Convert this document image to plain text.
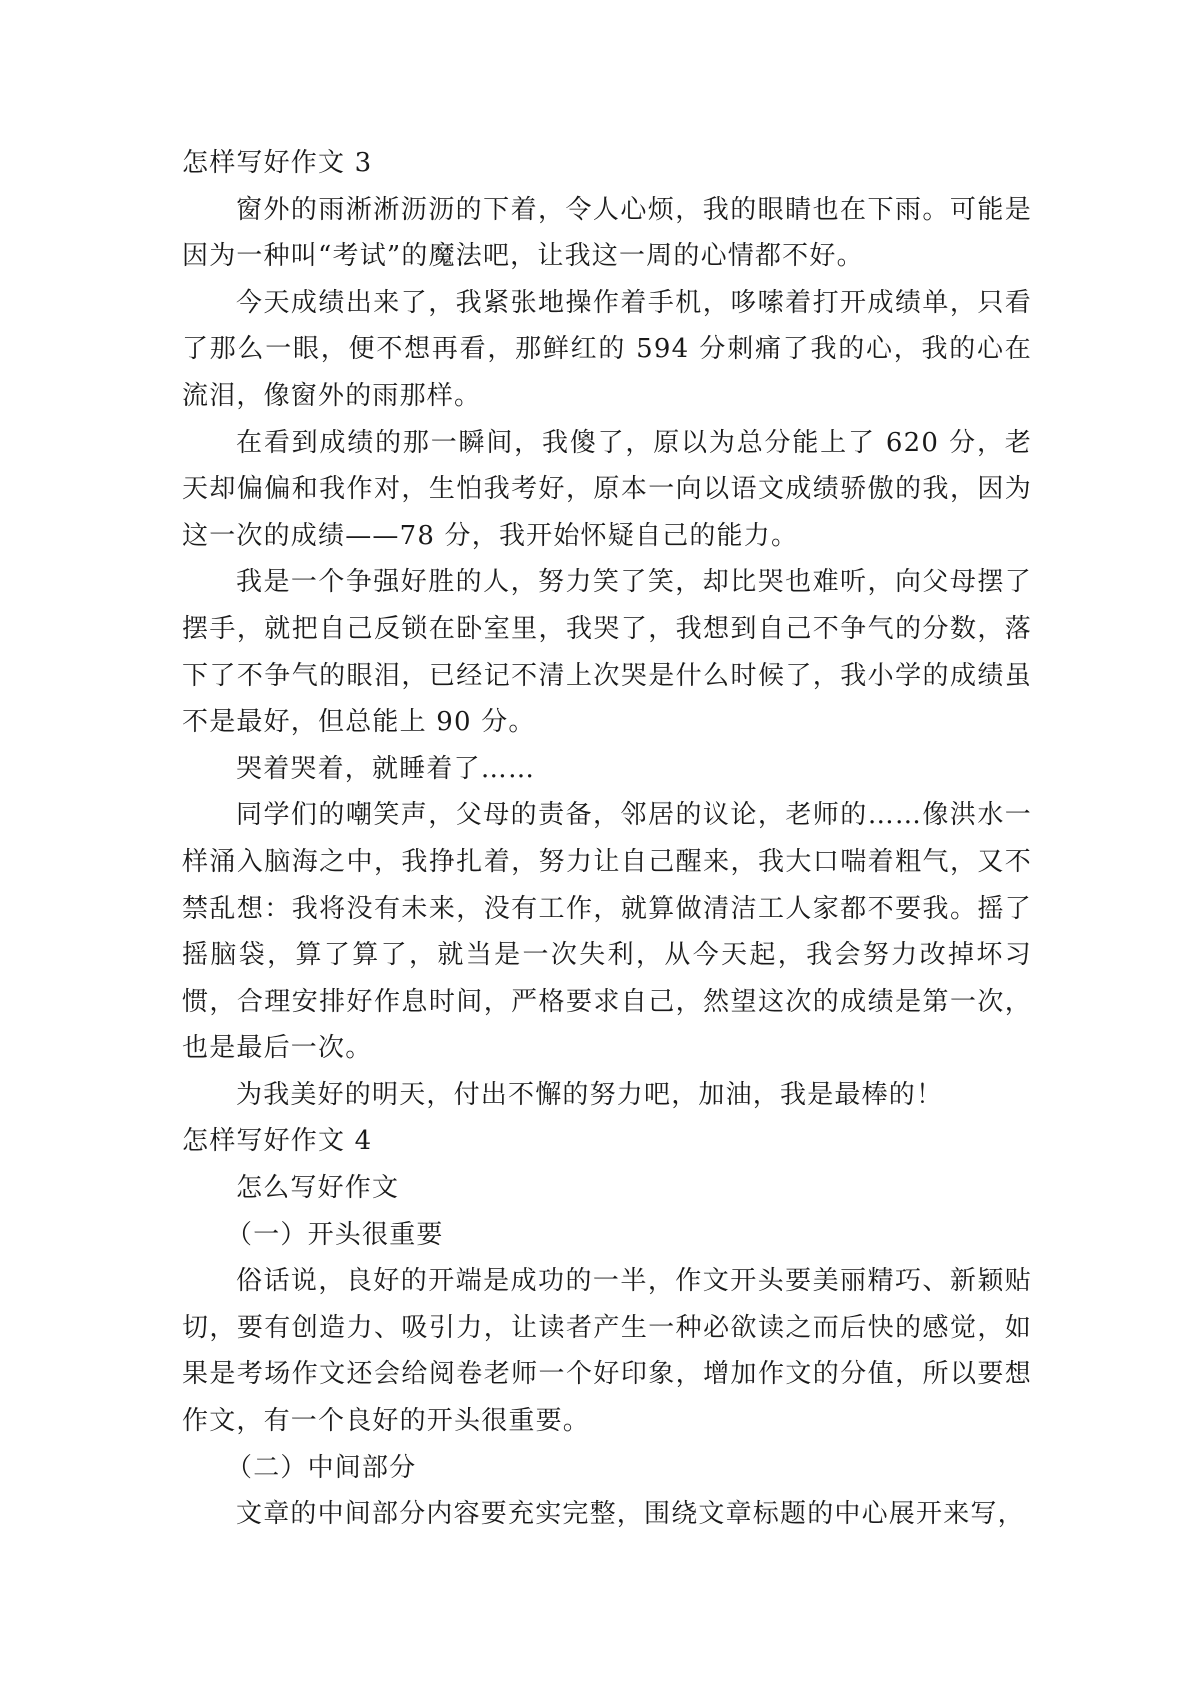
怎样写好作文 3

窗外的雨淅淅沥沥的下着，令人心烦，我的眼睛也在下雨。可能是因为一种叫“考试”的魔法吧，让我这一周的心情都不好。

今天成绩出来了，我紧张地操作着手机，哆嗦着打开成绩单，只看了那么一眼，便不想再看，那鲜红的 594 分刺痛了我的心，我的心在流泪，像窗外的雨那样。

在看到成绩的那一瞬间，我傻了，原以为总分能上了 620 分，老天却偏偏和我作对，生怕我考好，原本一向以语文成绩骄傲的我，因为这一次的成绩——78 分，我开始怀疑自己的能力。

我是一个争强好胜的人，努力笑了笑，却比哭也难听，向父母摆了摆手，就把自己反锁在卧室里，我哭了，我想到自己不争气的分数，落下了不争气的眼泪，已经记不清上次哭是什么时候了，我小学的成绩虽不是最好，但总能上 90 分。

哭着哭着，就睡着了……

同学们的嘲笑声，父母的责备，邻居的议论，老师的……像洪水一样涌入脑海之中，我挣扎着，努力让自己醒来，我大口喘着粗气，又不禁乱想：我将没有未来，没有工作，就算做清洁工人家都不要我。摇了摇脑袋，算了算了，就当是一次失利，从今天起，我会努力改掉坏习惯，合理安排好作息时间，严格要求自己，然望这次的成绩是第一次，也是最后一次。

为我美好的明天，付出不懈的努力吧，加油，我是最棒的！

怎样写好作文 4

怎么写好作文

（一）开头很重要

俗话说，良好的开端是成功的一半，作文开头要美丽精巧、新颖贴切，要有创造力、吸引力，让读者产生一种必欲读之而后快的感觉，如果是考场作文还会给阅卷老师一个好印象，增加作文的分值，所以要想作文，有一个良好的开头很重要。

（二）中间部分

文章的中间部分内容要充实完整，围绕文章标题的中心展开来写，
